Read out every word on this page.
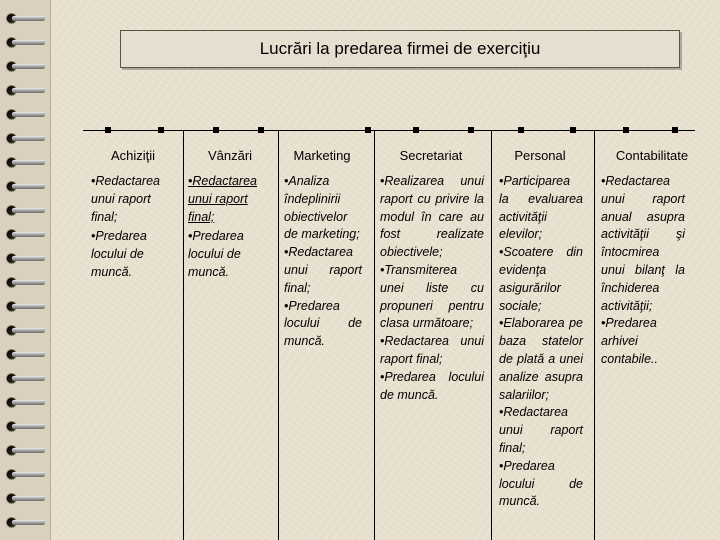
Lucrări la predarea firmei de exerciţiu
Achiziţii

•Redactarea unui raport final;

•Predarea locului de muncă.

Vânzări

•Redactarea unui raport final;

•Predarea locului de muncă.

Marketing

•Analiza îndeplinirii obiectivelor de marketing;

•Redactarea unui raport final;

•Predarea locului de muncă.

Secretariat

•Realizarea unui raport cu privire la modul în care au fost realizate obiectivele;

•Transmiterea unei liste cu propuneri pentru clasa următoare;

•Redactarea unui raport final;

•Predarea locului de muncă.

Personal

•Participarea la evaluarea activităţii elevilor;

•Scoatere din evidenţa asigurărilor sociale;

•Elaborarea pe baza statelor de plată a unei analize asupra salariilor;

•Redactarea unui raport final;

•Predarea locului de muncă.

Contabilitate

•Redactarea unui raport anual asupra activităţii şi întocmirea unui bilanţ la închiderea activităţii;

•Predarea arhivei contabile..
